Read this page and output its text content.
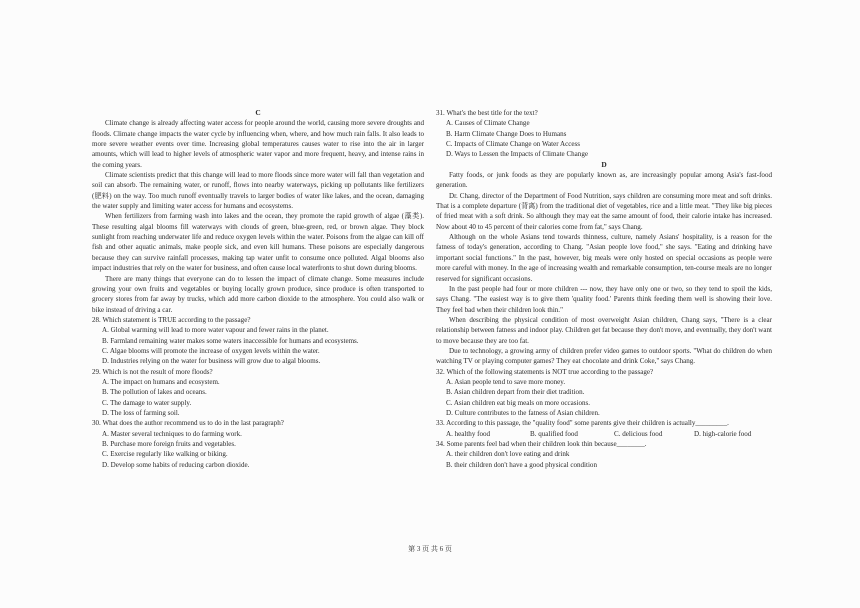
C

Climate change is already affecting water access for people around the world, causing more severe droughts and floods. Climate change impacts the water cycle by influencing when, where, and how much rain falls. It also leads to more severe weather events over time. Increasing global temperatures causes water to rise into the air in larger amounts, which will lead to higher levels of atmospheric water vapor and more frequent, heavy, and intense rains in the coming years.

Climate scientists predict that this change will lead to more floods since more water will fall than vegetation and soil can absorb. The remaining water, or runoff, flows into nearby waterways, picking up pollutants like fertilizers (肥料) on the way. Too much runoff eventually travels to larger bodies of water like lakes, and the ocean, damaging the water supply and limiting water access for humans and ecosystems.

When fertilizers from farming wash into lakes and the ocean, they promote the rapid growth of algae (藻类). These resulting algal blooms fill waterways with clouds of green, blue-green, red, or brown algae. They block sunlight from reaching underwater life and reduce oxygen levels within the water. Poisons from the algae can kill off fish and other aquatic animals, make people sick, and even kill humans. These poisons are especially dangerous because they can survive rainfall processes, making tap water unfit to consume once polluted. Algal blooms also impact industries that rely on the water for business, and often cause local waterfronts to shut down during blooms.

There are many things that everyone can do to lessen the impact of climate change. Some measures include growing your own fruits and vegetables or buying locally grown produce, since produce is often transported to grocery stores from far away by trucks, which add more carbon dioxide to the atmosphere. You could also walk or bike instead of driving a car.

28. Which statement is TRUE according to the passage?

A. Global warming will lead to more water vapour and fewer rains in the planet.

B. Farmland remaining water makes some waters inaccessible for humans and ecosystems.

C. Algae blooms will promote the increase of oxygen levels within the water.

D. Industries relying on the water for business will grow due to algal blooms.

29. Which is not the result of more floods?

A. The impact on humans and ecosystem.

B. The pollution of lakes and oceans.

C. The damage to water supply.

D. The loss of farming soil.

30. What does the author recommend us to do in the last paragraph?

A. Master several techniques to do farming work.

B. Purchase more foreign fruits and vegetables.

C. Exercise regularly like walking or biking.

D. Develop some habits of reducing carbon dioxide.

31. What's the best title for the text?

A. Causes of Climate Change

B. Harm Climate Change Does to Humans

C. Impacts of Climate Change on Water Access

D. Ways to Lessen the Impacts of Climate Change

D

Fatty foods, or junk foods as they are popularly known as, are increasingly popular among Asia's fast-food generation.

Dr. Chang, director of the Department of Food Nutrition, says children are consuming more meat and soft drinks. That is a complete departure (背离) from the traditional diet of vegetables, rice and a little meat. "They like big pieces of fried meat with a soft drink. So although they may eat the same amount of food, their calorie intake has increased. Now about 40 to 45 percent of their calories come from fat," says Chang.

Although on the whole Asians tend towards thinness, culture, namely Asians' hospitality, is a reason for the fatness of today's generation, according to Chang. "Asian people love food," she says. "Eating and drinking have important social functions." In the past, however, big meals were only hosted on special occasions as people were more careful with money. In the age of increasing wealth and remarkable consumption, ten-course meals are no longer reserved for significant occasions.

In the past people had four or more children --- now, they have only one or two, so they tend to spoil the kids, says Chang. "The easiest way is to give them 'quality food.' Parents think feeding them well is showing their love. They feel bad when their children look thin."

When describing the physical condition of most overweight Asian children, Chang says, "There is a clear relationship between fatness and indoor play. Children get fat because they don't move, and eventually, they don't want to move because they are too fat.

Due to technology, a growing army of children prefer video games to outdoor sports. "What do children do when watching TV or playing computer games? They eat chocolate and drink Coke," says Chang.

32. Which of the following statements is NOT true according to the passage?

A. Asian people tend to save more money.

B. Asian children depart from their diet tradition.

C. Asian children eat big meals on more occasions.

D. Culture contributes to the fatness of Asian children.

33. According to this passage, the "quality food" some parents give their children is actually_________.

A. healthy food	B. qualified food	C. delicious food	D. high-calorie food

34. Some parents feel bad when their children look thin because________.

A. their children don't love eating and drink

B. their children don't have a good physical condition

第 3 页 共 6 页
